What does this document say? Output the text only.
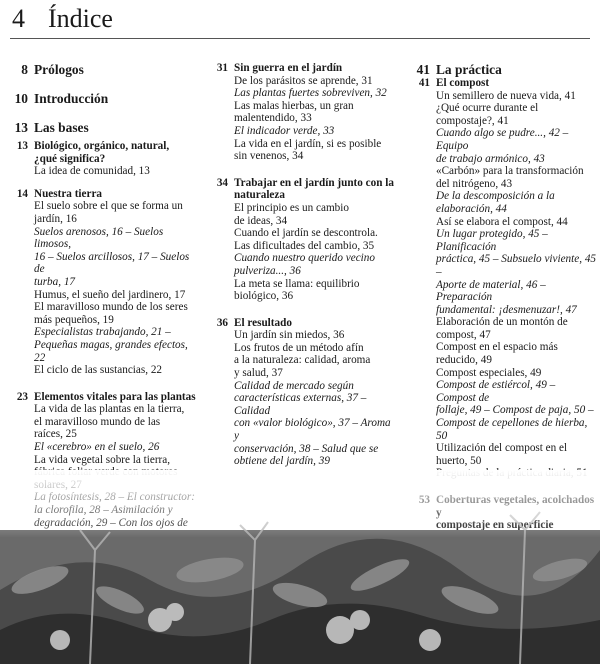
4 Índice
8 Prólogos
10 Introducción
13 Las bases
13 Biológico, orgánico, natural,
¿qué significa?
La idea de comunidad, 13
14 Nuestra tierra
El suelo sobre el que se forma un
jardín, 16
Suelos arenosos, 16 – Suelos limosos,
16 – Suelos arcillosos, 17 – Suelos de
turba, 17
Humus, el sueño del jardinero, 17
El maravilloso mundo de los seres
más pequeños, 19
Especialistas trabajando, 21 –
Pequeñas magas, grandes efectos, 22
El ciclo de las sustancias, 22
23 Elementos vitales para las plantas
La vida de las plantas en la tierra,
el maravilloso mundo de las
raíces, 25
El «cerebro» en el suelo, 26
La vida vegetal sobre la tierra,
31 Sin guerra en el jardín
De los parásitos se aprende, 31
Las plantas fuertes sobreviven, 32
Las malas hierbas, un gran
malentendido, 33
El indicador verde, 33
La vida en el jardín, si es posible
sin venenos, 34
34 Trabajar en el jardín junto con la
naturaleza
El principio es un cambio
de ideas, 34
Cuando el jardín se descontrola.
Las dificultades del cambio, 35
Cuando nuestro querido vecino
pulveriza..., 36
La meta se llama: equilibrio
biológico, 36
36 El resultado
Un jardín sin miedos, 36
Los frutos de un método afín
a la naturaleza: calidad, aroma
y salud, 37
Calidad de mercado según
características externas, 37 – Calidad
con «valor biológico», 37 – Aroma y
conservación, 38 – Salud que se
obtiene del jardín, 39
41 La práctica
41 El compost
Un semillero de nueva vida, 41
¿Qué ocurre durante el
compostaje?, 41
Cuando algo se pudre..., 42 – Equipo
de trabajo armónico, 43
«Carbón» para la transformación
del nitrógeno, 43
De la descomposición a la elaboración, 44
Así se elabora el compost, 44
Un lugar protegido, 45 – Planificación
práctica, 45 – Subsuelo viviente, 45 –
Aporte de material, 46 – Preparación
fundamental: ¡desmenuzar!, 47
Elaboración de un montón de
compost, 47
Compost en el espacio más
reducido, 49
Compost especiales, 49
Compost de estiércol, 49 – Compost de
follaje, 49 – Compost de paja, 50 –
Compost de cepellones de hierba, 50
Utilización del compost en el
huerto, 50
